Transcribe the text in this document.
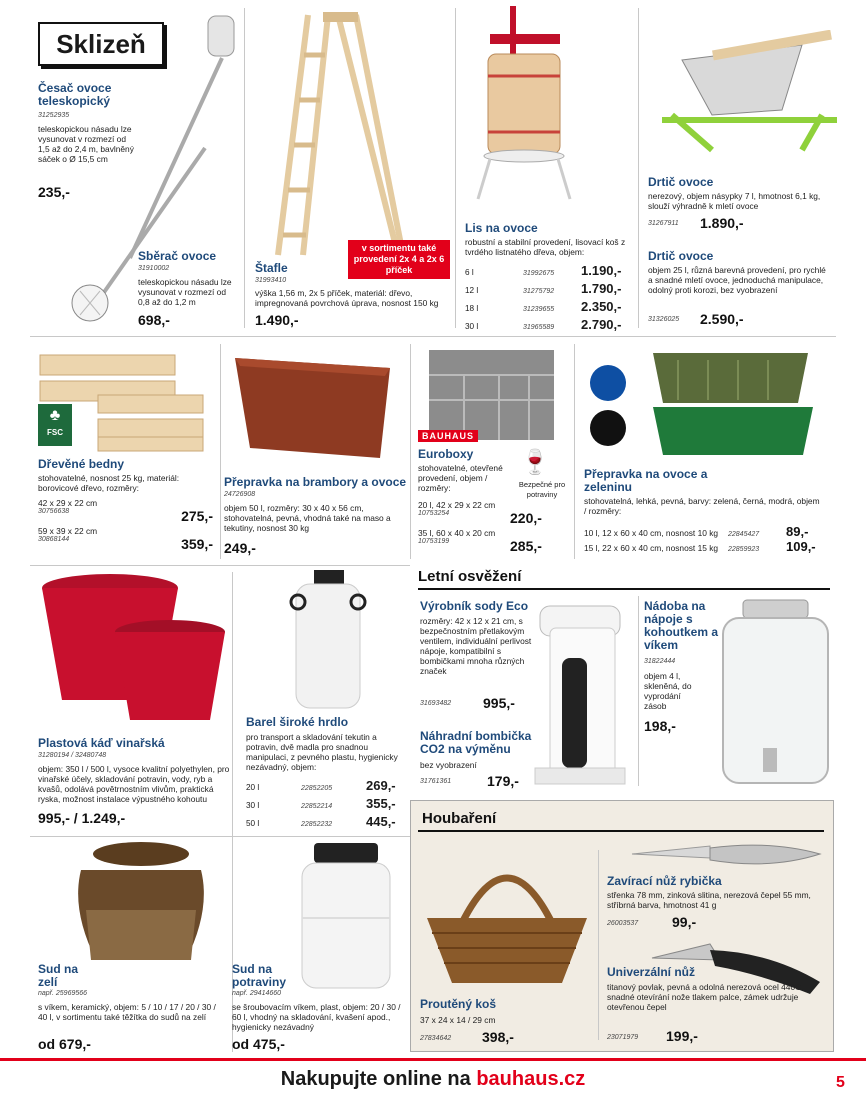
Sklizeň
Česač ovoce teleskopický
31252935
teleskopickou násadu lze vysunovat v rozmezí od 1,5 až do 2,4 m, bavlněný sáček o Ø 15,5 cm
235,-
Sběrač ovoce
31910002
teleskopickou násadu lze vysunovat v rozmezí od 0,8 až do 1,2 m
698,-
v sortimentu také provedení 2x 4 a 2x 6 příček
Štafle
31993410
výška 1,56 m, 2x 5 příček, materiál: dřevo, impregnovaná povrchová úprava, nosnost 150 kg
1.490,-
Lis na ovoce
robustní a stabilní provedení, lisovací koš z tvrdého listnatého dřeva, objem:
6 l	31992675	1.190,-
12 l	31275792	1.790,-
18 l	31239655	2.350,-
30 l	31965589	2.790,-
Drtič ovoce
nerezový, objem násypky 7 l, hmotnost 6,1 kg, slouží výhradně k mletí ovoce
31267911 1.890,-
Drtič ovoce
objem 25 l, různá barevná provedení, pro rychlé a snadné mletí ovoce, jednoduchá manipulace, odolný proti korozi, bez vyobrazení
31326025 2.590,-
♣
FSC
Dřevěné bedny
stohovatelné, nosnost 25 kg, materiál: borovicové dřevo, rozměry:
42 x 29 x 22 cm
30756638	275,-
59 x 39 x 22 cm
30868144	359,-
Přepravka na brambory a ovoce
24726908
objem 50 l, rozměry: 30 x 40 x 56 cm, stohovatelná, pevná, vhodná také na maso a tekutiny, nosnost 30 kg
249,-
BAUHAUS
Euroboxy
stohovatelné, otevřené provedení, objem / rozměry:
🍷
Bezpečné pro potraviny
20 l, 42 x 29 x 22 cm
10753254	220,-
35 l, 60 x 40 x 20 cm
10753199	285,-
Přepravka na ovoce a zeleninu
stohovatelná, lehká, pevná, barvy: zelená, černá, modrá, objem / rozměry:
10 l, 12 x 60 x 40 cm, nosnost 10 kg	22845427	89,-
15 l, 22 x 60 x 40 cm, nosnost 15 kg	22859923	109,-
Letní osvěžení
Plastová káď vinařská
31280194 / 32480748
objem: 350 l / 500 l, vysoce kvalitní polyethylen, pro vinařské účely, skladování potravin, vody, ryb a kvašů, odolává povětrnostním vlivům, praktická ryska, možnost instalace výpustného kohoutu
995,- / 1.249,-
Barel široké hrdlo
pro transport a skladování tekutin a potravin, dvě madla pro snadnou manipulaci, z pevného plastu, hygienicky nezávadný, objem:
20 l	22852205	269,-
30 l	22852214	355,-
50 l	22852232	445,-
Výrobník sody Eco
rozměry: 42 x 12 x 21 cm, s bezpečnostním přetlakovým ventilem, individuální perlivost nápoje, kompatibilní s bombičkami mnoha různých značek
31693482 995,-
Náhradní bombička CO2 na výměnu
bez vyobrazení
31761361	179,-
Nádoba na nápoje s kohoutkem a víkem
31822444
objem 4 l, skleněná, do vyprodání zásob
198,-
Sud na zelí
např. 25969566
s víkem, keramický, objem: 5 / 10 / 17 / 20 / 30 / 40 l, v sortimentu také těžítka do sudů na zelí
od 679,-
Sud na potraviny
např. 29414660
se šroubovacím víkem, plast, objem: 20 / 30 / 60 l, vhodný na skladování, kvašení apod., hygienicky nezávadný
od 475,-
Houbaření
Proutěný koš
37 x 24 x 14 / 29 cm
27834642 398,-
Zavírací nůž rybička
střenka 78 mm, zinková slitina, nerezová čepel 55 mm, stříbrná barva, hmotnost 41 g
26003537 99,-
Univerzální nůž
titanový povlak, pevná a odolná nerezová ocel 440C, snadné otevírání nože tlakem palce, zámek udržuje otevřenou čepel
23071979 199,-
Nakupujte online na bauhaus.cz	5
